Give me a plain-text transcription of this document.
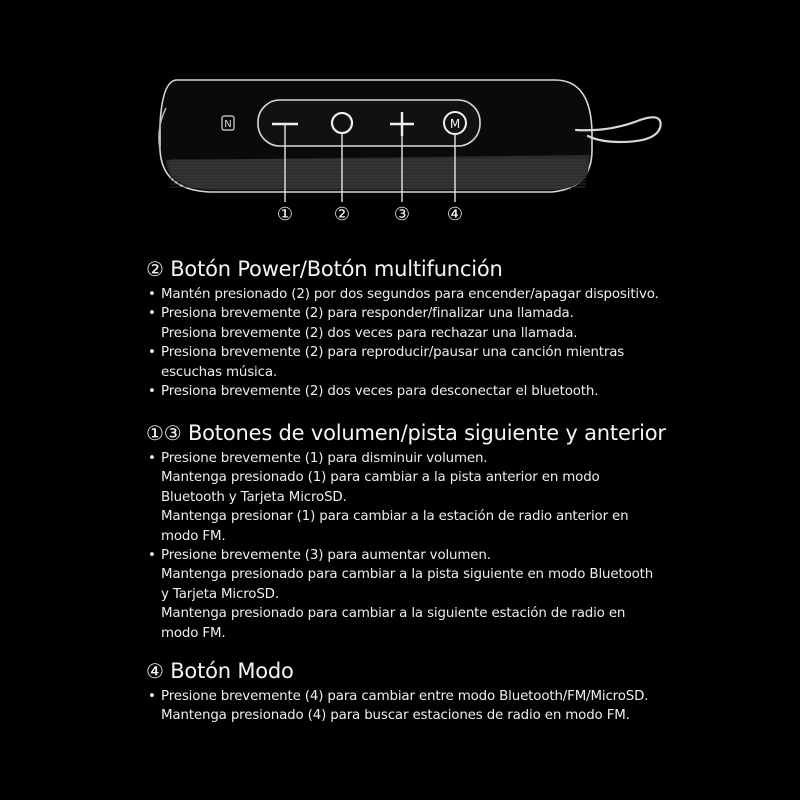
N	M
① ② ③ ④
② Botón Power/Botón multifunción
• Mantén presionado (2) por dos segundos para encender/apagar dispositivo.
• Presiona brevemente (2) para responder/finalizar una llamada.
Presiona brevemente (2) dos veces para rechazar una llamada.
• Presiona brevemente (2) para reproducir/pausar una canción mientras
escuchas música.
• Presiona brevemente (2) dos veces para desconectar el bluetooth.
①③ Botones de volumen/pista siguiente y anterior
• Presione brevemente (1) para disminuir volumen.
Mantenga presionado (1) para cambiar a la pista anterior en modo
Bluetooth y Tarjeta MicroSD.
Mantenga presionar (1) para cambiar a la estación de radio anterior en
modo FM.
• Presione brevemente (3) para aumentar volumen.
Mantenga presionado para cambiar a la pista siguiente en modo Bluetooth
y Tarjeta MicroSD.
Mantenga presionado para cambiar a la siguiente estación de radio en
modo FM.
④ Botón Modo
• Presione brevemente (4) para cambiar entre modo Bluetooth/FM/MicroSD.
Mantenga presionado (4) para buscar estaciones de radio en modo FM.
